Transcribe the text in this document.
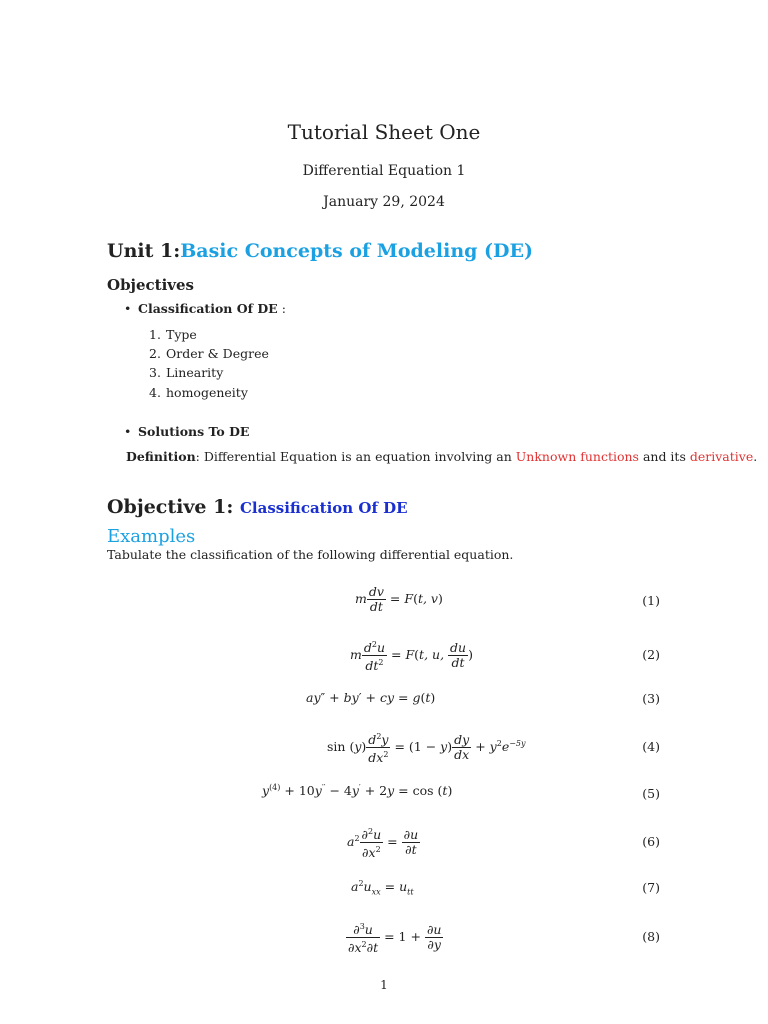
Tutorial Sheet One
Differential Equation 1
January 29, 2024
Unit 1:Basic Concepts of Modeling (DE)
Objectives
• Classification Of DE :
1. Type
2. Order & Degree
3. Linearity
4. homogeneity
• Solutions To DE
Definition: Differential Equation is an equation involving an Unknown functions and its derivative.
Objective 1: Classification Of DE
Examples
Tabulate the classification of the following differential equation.
m $\frac{dv}{dt} = F(t$, v)	(1)
m $\frac{d^2u}{dt^2} = F(t$, u, $\frac{du}{dt}$ )	(2)
ay″ + by′ + cy = g(t)	(3)
$\sin (y) \frac{d^2y}{dx^2} = (1 - y) \frac{dy}{dx} + y^2e^{-5y}$	(4)
$y^{(4)} + 10y'' - 4y' + 2y = \cos (t)$	(5)
$a^2 \frac{\partial^2u}{\partial x^2} = \frac{\partial u}{\partial t}$	(6)
$a^2u_{xx} = u_{tt}$	(7)
$\frac{\partial^3u}{\partial x^2\partial t} = 1 + \frac{\partial u}{\partial y}$	(8)
1
